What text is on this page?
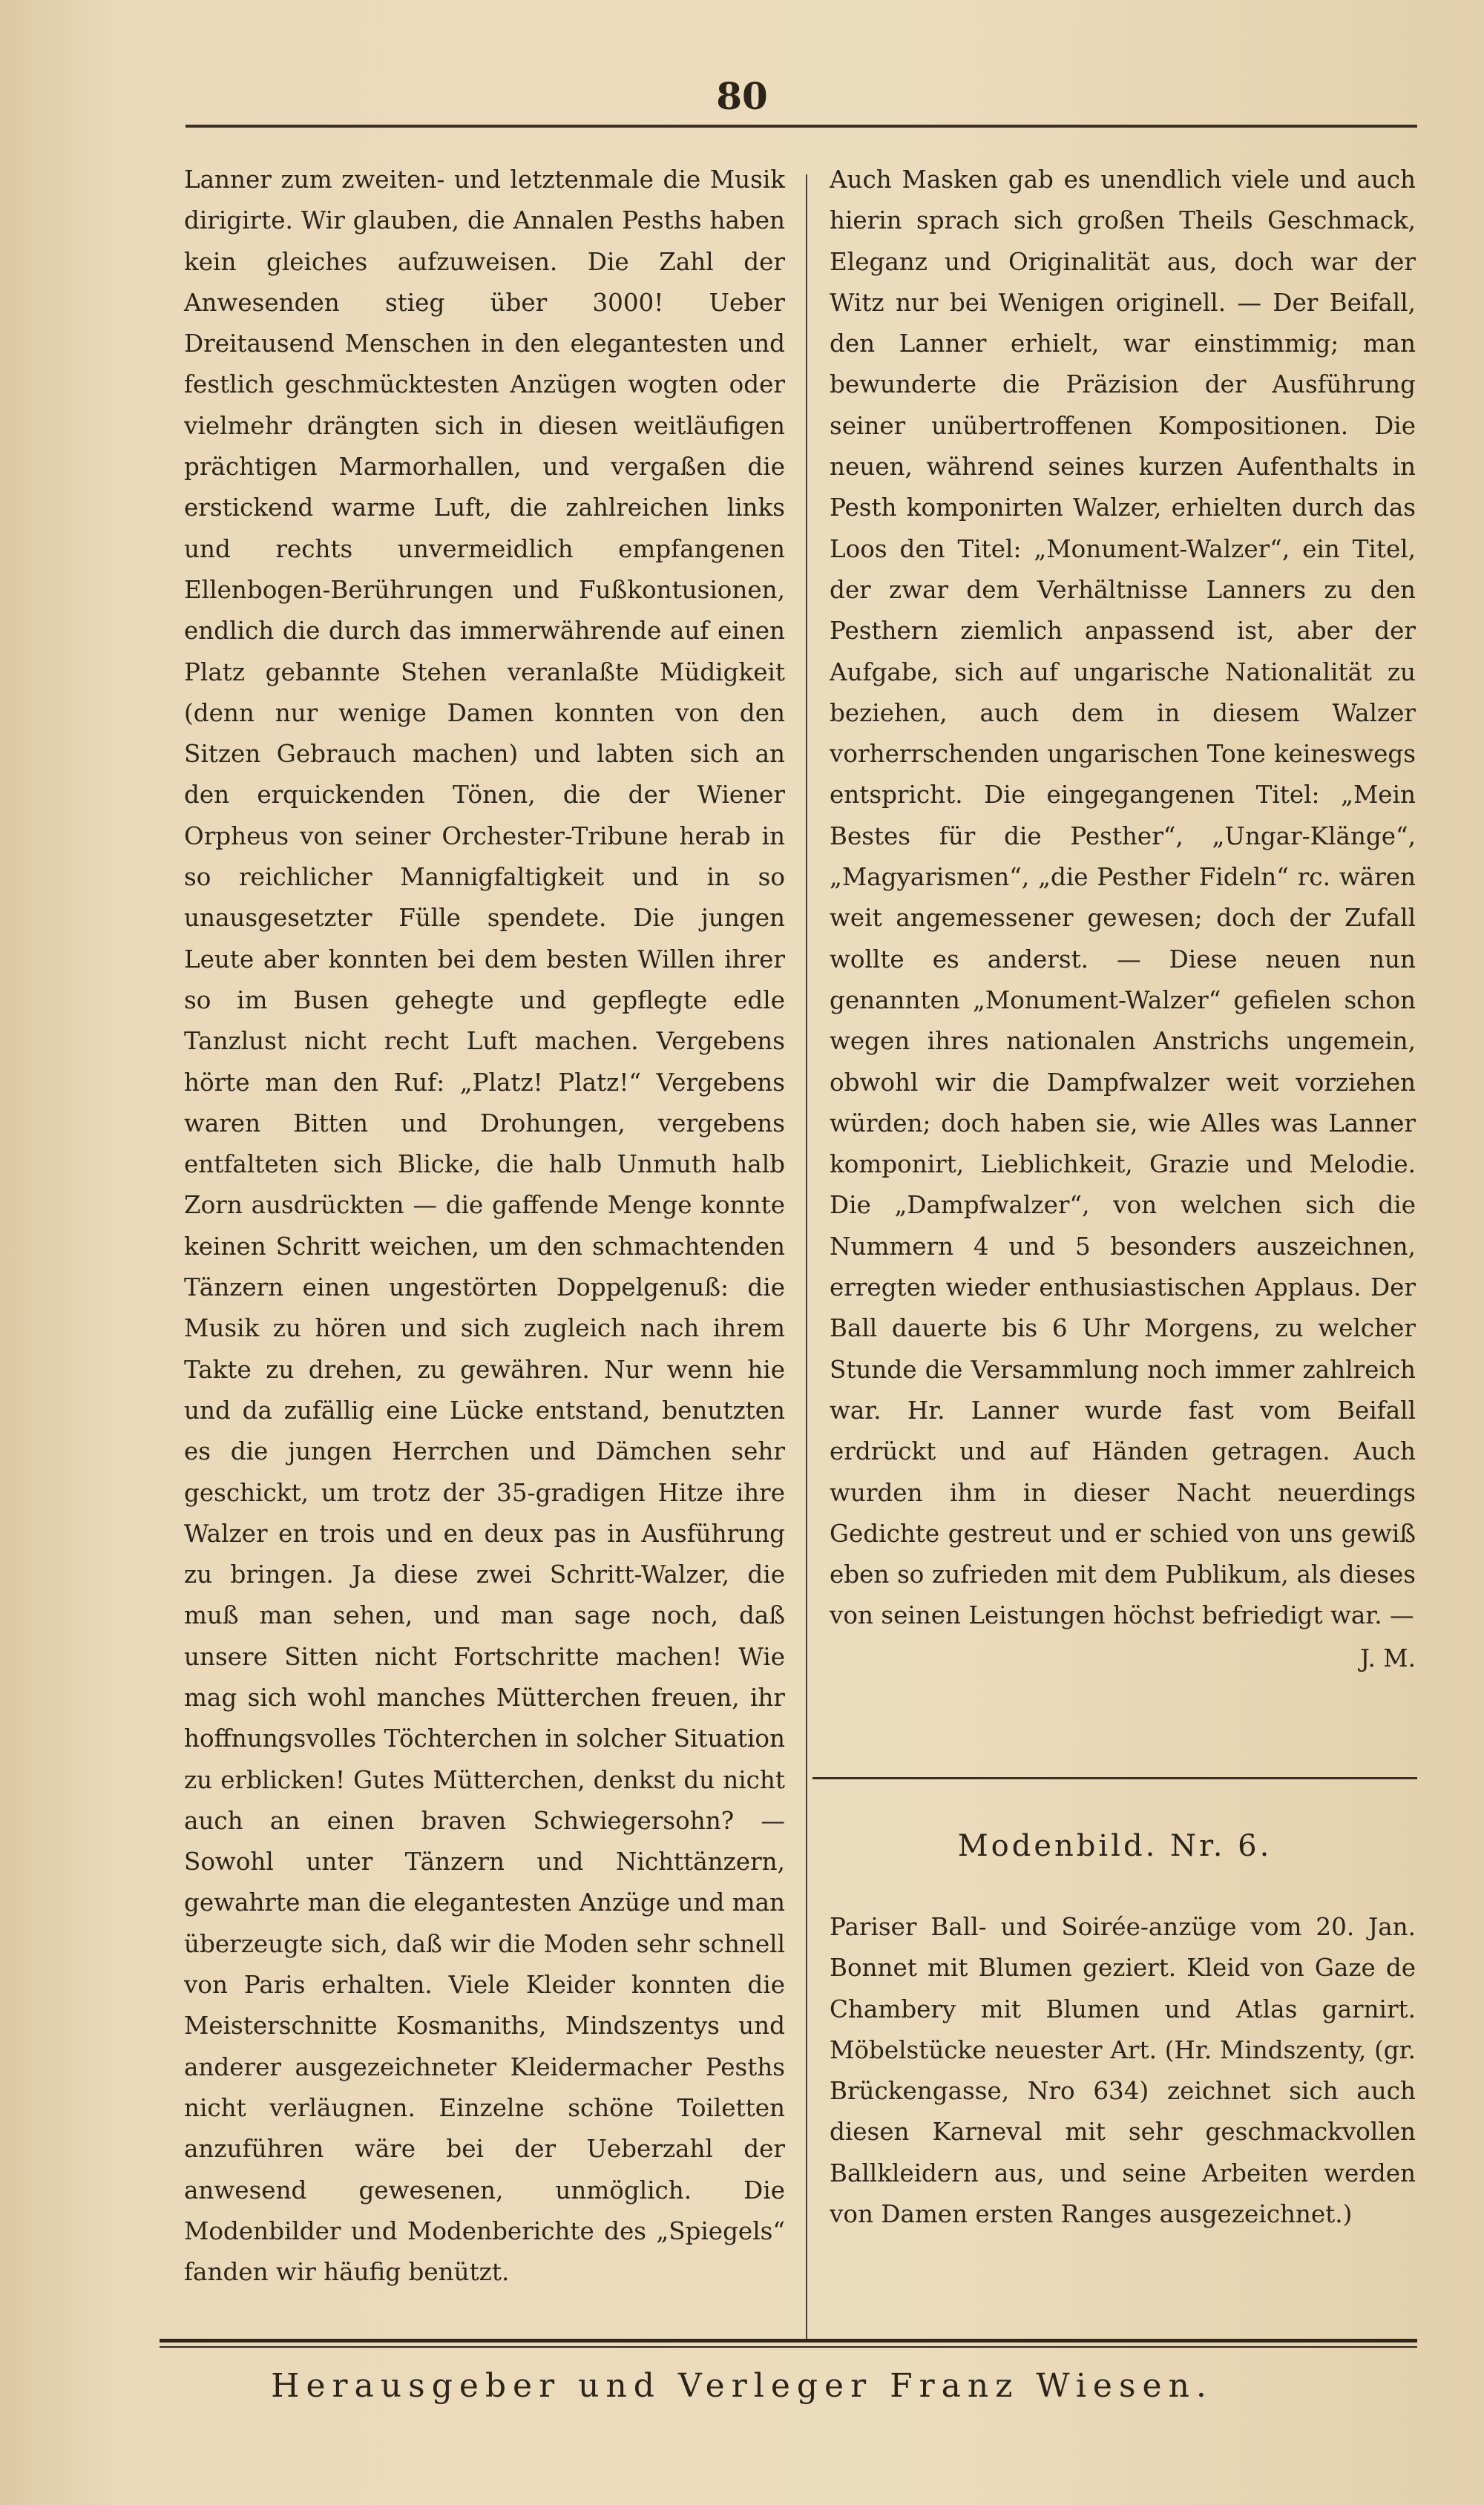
80

Lanner zum zweiten- und letztenmale die Musik dirigirte. Wir glauben, die Annalen Pesths haben kein gleiches aufzuweisen. Die Zahl der Anwesenden stieg über 3000! Ueber Dreitausend Menschen in den elegantesten und festlich geschmücktesten Anzügen wogten oder vielmehr drängten sich in diesen weitläufigen prächtigen Marmorhallen, und vergaßen die erstickend warme Luft, die zahlreichen links und rechts unvermeidlich empfangenen Ellenbogen-Berührungen und Fußkontusionen, endlich die durch das immerwährende auf einen Platz gebannte Stehen veranlaßte Müdigkeit (denn nur wenige Damen konnten von den Sitzen Gebrauch machen) und labten sich an den erquickenden Tönen, die der Wiener Orpheus von seiner Orchester-Tribune herab in so reichlicher Mannigfaltigkeit und in so unausgesetzter Fülle spendete. Die jungen Leute aber konnten bei dem besten Willen ihrer so im Busen gehegte und gepflegte edle Tanzlust nicht recht Luft machen. Vergebens hörte man den Ruf: „Platz! Platz!“ Vergebens waren Bitten und Drohungen, vergebens entfalteten sich Blicke, die halb Unmuth halb Zorn ausdrückten — die gaffende Menge konnte keinen Schritt weichen, um den schmachtenden Tänzern einen ungestörten Doppelgenuß: die Musik zu hören und sich zugleich nach ihrem Takte zu drehen, zu gewähren. Nur wenn hie und da zufällig eine Lücke entstand, benutzten es die jungen Herrchen und Dämchen sehr geschickt, um trotz der 35-gradigen Hitze ihre Walzer en trois und en deux pas in Ausführung zu bringen. Ja diese zwei Schritt-Walzer, die muß man sehen, und man sage noch, daß unsere Sitten nicht Fortschritte machen! Wie mag sich wohl manches Mütterchen freuen, ihr hoffnungsvolles Töchterchen in solcher Situation zu erblicken! Gutes Mütterchen, denkst du nicht auch an einen braven Schwiegersohn? — Sowohl unter Tänzern und Nichttänzern, gewahrte man die elegantesten Anzüge und man überzeugte sich, daß wir die Moden sehr schnell von Paris erhalten. Viele Kleider konnten die Meisterschnitte Kosmaniths, Mindszentys und anderer ausgezeichneter Kleidermacher Pesths nicht verläugnen. Einzelne schöne Toiletten anzuführen wäre bei der Ueberzahl der anwesend gewesenen, unmöglich. Die Modenbilder und Modenberichte des „Spiegels“ fanden wir häufig benützt.

Auch Masken gab es unendlich viele und auch hierin sprach sich großen Theils Geschmack, Eleganz und Originalität aus, doch war der Witz nur bei Wenigen originell. — Der Beifall, den Lanner erhielt, war einstimmig; man bewunderte die Präzision der Ausführung seiner unübertroffenen Kompositionen. Die neuen, während seines kurzen Aufenthalts in Pesth komponirten Walzer, erhielten durch das Loos den Titel: „Monument-Walzer“, ein Titel, der zwar dem Verhältnisse Lanners zu den Pesthern ziemlich anpassend ist, aber der Aufgabe, sich auf ungarische Nationalität zu beziehen, auch dem in diesem Walzer vorherrschenden ungarischen Tone keineswegs entspricht. Die eingegangenen Titel: „Mein Bestes für die Pesther“, „Ungar-Klänge“, „Magyarismen“, „die Pesther Fideln“ rc. wären weit angemessener gewesen; doch der Zufall wollte es anderst. — Diese neuen nun genannten „Monument-Walzer“ gefielen schon wegen ihres nationalen Anstrichs ungemein, obwohl wir die Dampfwalzer weit vorziehen würden; doch haben sie, wie Alles was Lanner komponirt, Lieblichkeit, Grazie und Melodie. Die „Dampfwalzer“, von welchen sich die Nummern 4 und 5 besonders auszeichnen, erregten wieder enthusiastischen Applaus. Der Ball dauerte bis 6 Uhr Morgens, zu welcher Stunde die Versammlung noch immer zahlreich war. Hr. Lanner wurde fast vom Beifall erdrückt und auf Händen getragen. Auch wurden ihm in dieser Nacht neuerdings Gedichte gestreut und er schied von uns gewiß eben so zufrieden mit dem Publikum, als dieses von seinen Leistungen höchst befriedigt war. —

J. M.
Modenbild. Nr. 6.

Pariser Ball- und Soirée-anzüge vom 20. Jan. Bonnet mit Blumen geziert. Kleid von Gaze de Chambery mit Blumen und Atlas garnirt. Möbelstücke neuester Art. (Hr. Mindszenty, (gr. Brückengasse, Nro 634) zeichnet sich auch diesen Karneval mit sehr geschmackvollen Ballkleidern aus, und seine Arbeiten werden von Damen ersten Ranges ausgezeichnet.)

Herausgeber und Verleger Franz Wiesen.
